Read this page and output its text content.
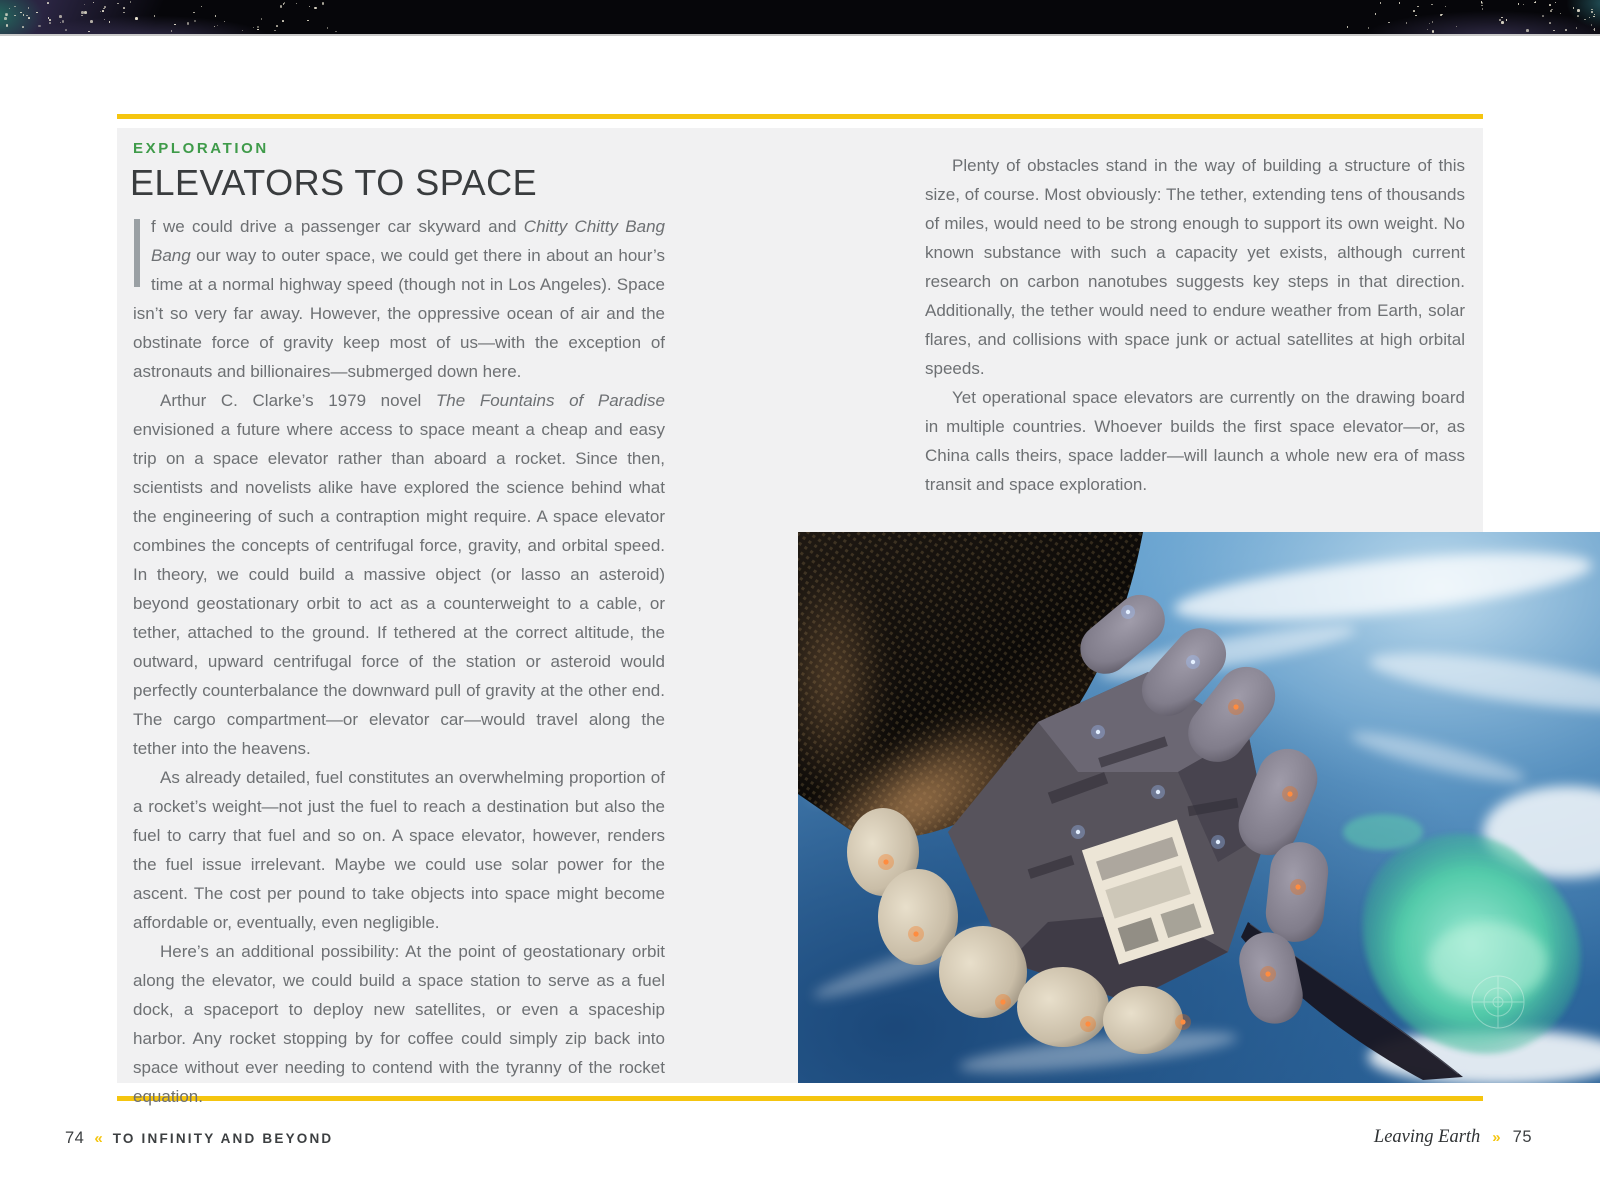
EXPLORATION
ELEVATORS TO SPACE

f we could drive a passenger car skyward and Chitty Chitty Bang Bang our way to outer space, we could get there in about an hour’s time at a normal highway speed (though not in Los Angeles). Space isn’t so very far away. However, the oppressive ocean of air and the obstinate force of gravity keep most of us—with the exception of astronauts and billionaires—submerged down here.

Arthur C. Clarke’s 1979 novel The Fountains of Paradise envisioned a future where access to space meant a cheap and easy trip on a space elevator rather than aboard a rocket. Since then, scientists and novelists alike have explored the science behind what the engineering of such a contraption might require. A space elevator combines the concepts of centrifugal force, gravity, and orbital speed. In theory, we could build a massive object (or lasso an asteroid) beyond geostationary orbit to act as a counterweight to a cable, or tether, attached to the ground. If tethered at the correct altitude, the outward, upward centrifugal force of the station or asteroid would perfectly counterbalance the downward pull of gravity at the other end. The cargo compartment—or elevator car—would travel along the tether into the heavens.

As already detailed, fuel constitutes an overwhelming proportion of a rocket’s weight—not just the fuel to reach a destination but also the fuel to carry that fuel and so on. A space elevator, however, renders the fuel issue irrelevant. Maybe we could use solar power for the ascent. The cost per pound to take objects into space might become affordable or, eventually, even negligible.

Here’s an additional possibility: At the point of geostationary orbit along the elevator, we could build a space station to serve as a fuel dock, a spaceport to deploy new satellites, or even a spaceship harbor. Any rocket stopping by for coffee could simply zip back into space without ever needing to contend with the tyranny of the rocket equation.

Plenty of obstacles stand in the way of building a structure of this size, of course. Most obviously: The tether, extending tens of thousands of miles, would need to be strong enough to support its own weight. No known substance with such a capacity yet exists, although current research on carbon nanotubes suggests key steps in that direction. Additionally, the tether would need to endure weather from Earth, solar flares, and collisions with space junk or actual satellites at high orbital speeds.

Yet operational space elevators are currently on the drawing board in multiple countries. Whoever builds the first space elevator—or, as China calls theirs, space ladder—will launch a whole new era of mass transit and space exploration.

74 « TO INFINITY AND BEYOND	Leaving Earth » 75
